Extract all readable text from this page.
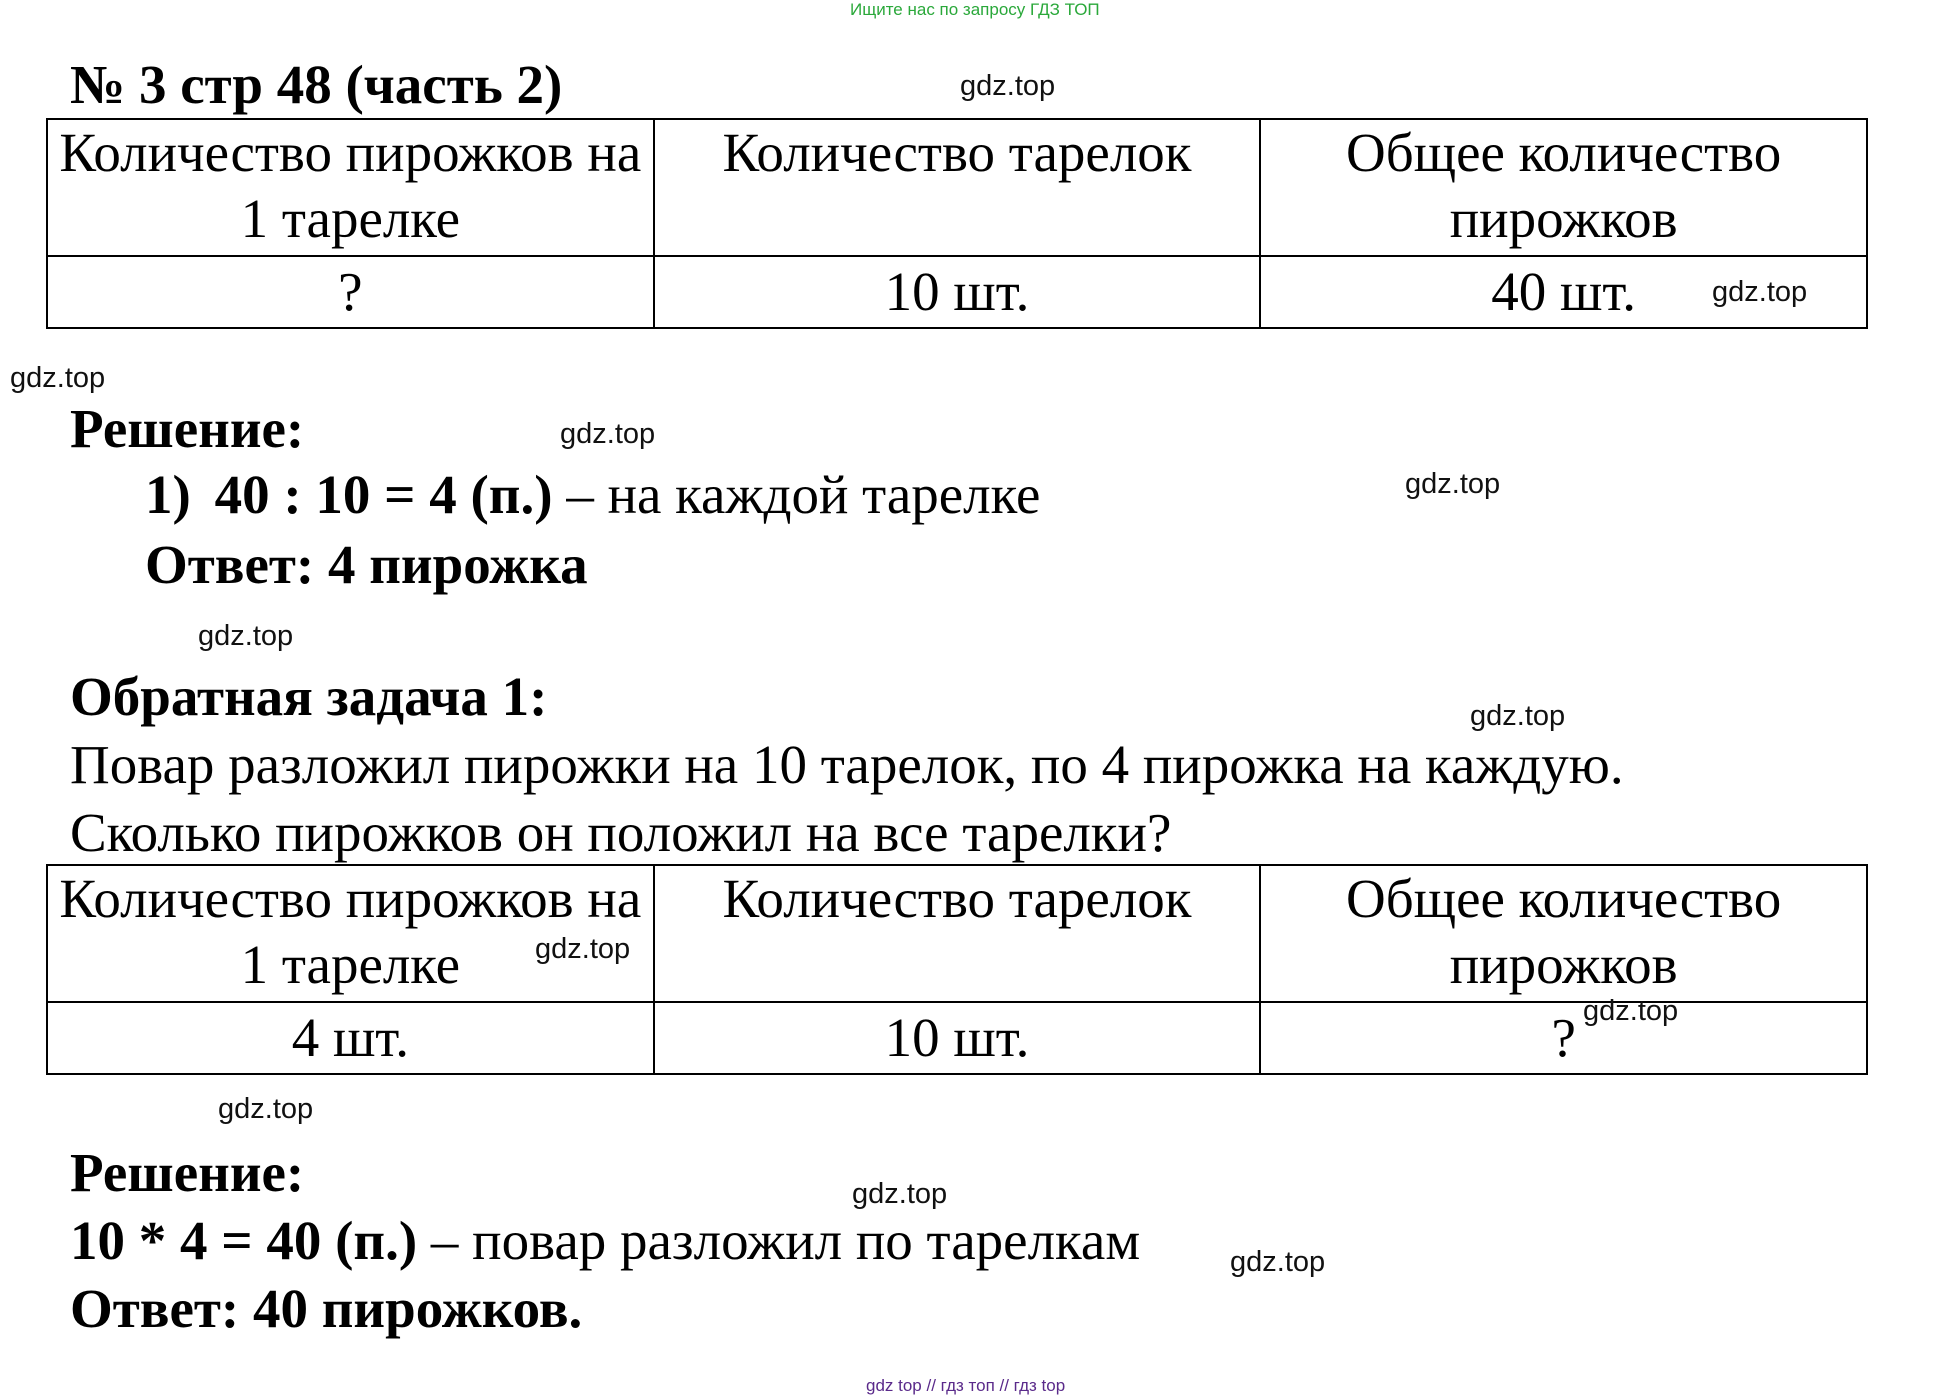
Ищите нас по запросу ГДЗ ТОП
№ 3 стр 48 (часть 2)	gdz.top
Количество пирожков на 1 тарелке	Количество тарелок	Общее количество пирожков
?	10 шт.	40 шт.	gdz.top
gdz.top
Решение:	gdz.top
1) 40 : 10 = 4 (п.) – на каждой тарелке	gdz.top
Ответ: 4 пирожка
gdz.top
Обратная задача 1:	gdz.top
Повар разложил пирожки на 10 тарелок, по 4 пирожка на каждую.
Сколько пирожков он положил на все тарелки?
Количество пирожков на 1 тарелке	Количество тарелок	Общее количество пирожков
4 шт.	10 шт.	?
gdz.top
gdz.top
gdz.top
Решение:	gdz.top
10 * 4 = 40 (п.) – повар разложил по тарелкам	gdz.top
Ответ: 40 пирожков.
gdz top // гдз топ // гдз top
